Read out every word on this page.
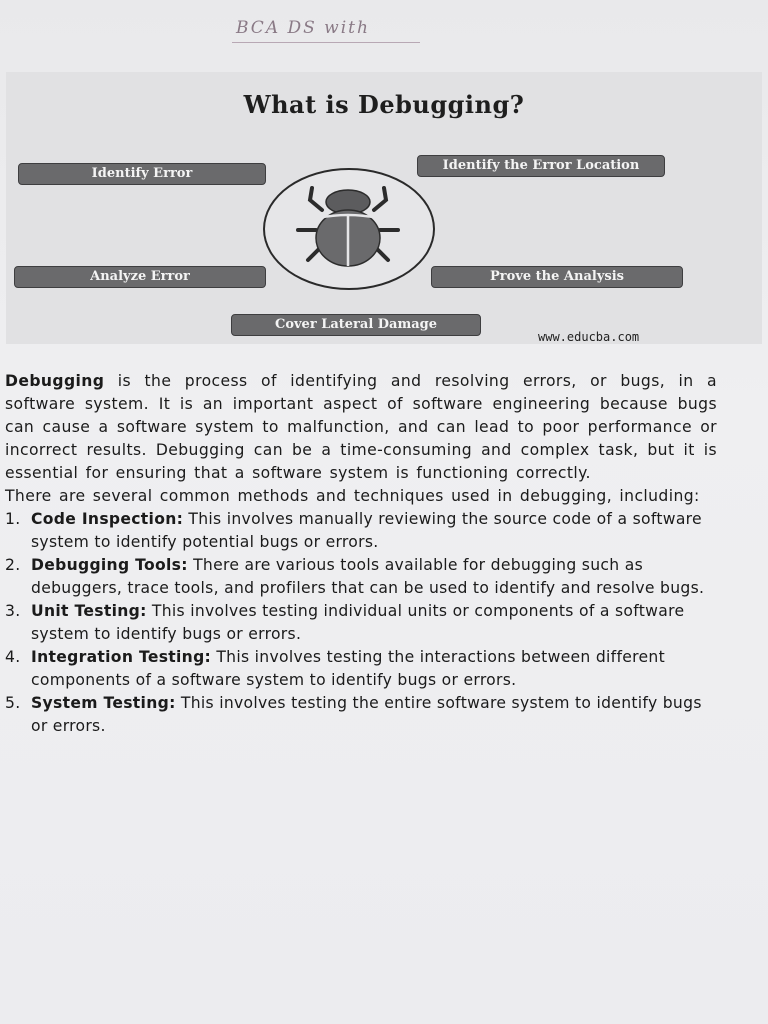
BCA DS with
What is Debugging?
Identify Error
Identify the Error Location
Analyze Error	Prove the Analysis
Cover Lateral Damage
www.educba.com

Debugging is the process of identifying and resolving errors, or bugs, in a software system. It is an important aspect of software engineering because bugs can cause a software system to malfunction, and can lead to poor performance or incorrect results. Debugging can be a time-consuming and complex task, but it is essential for ensuring that a software system is functioning correctly.

There are several common methods and techniques used in debugging, including:

1. Code Inspection: This involves manually reviewing the source code of a software system to identify potential bugs or errors.
2. Debugging Tools: There are various tools available for debugging such as debuggers, trace tools, and profilers that can be used to identify and resolve bugs.
3. Unit Testing: This involves testing individual units or components of a software system to identify bugs or errors.
4. Integration Testing: This involves testing the interactions between different components of a software system to identify bugs or errors.
5. System Testing: This involves testing the entire software system to identify bugs or errors.
